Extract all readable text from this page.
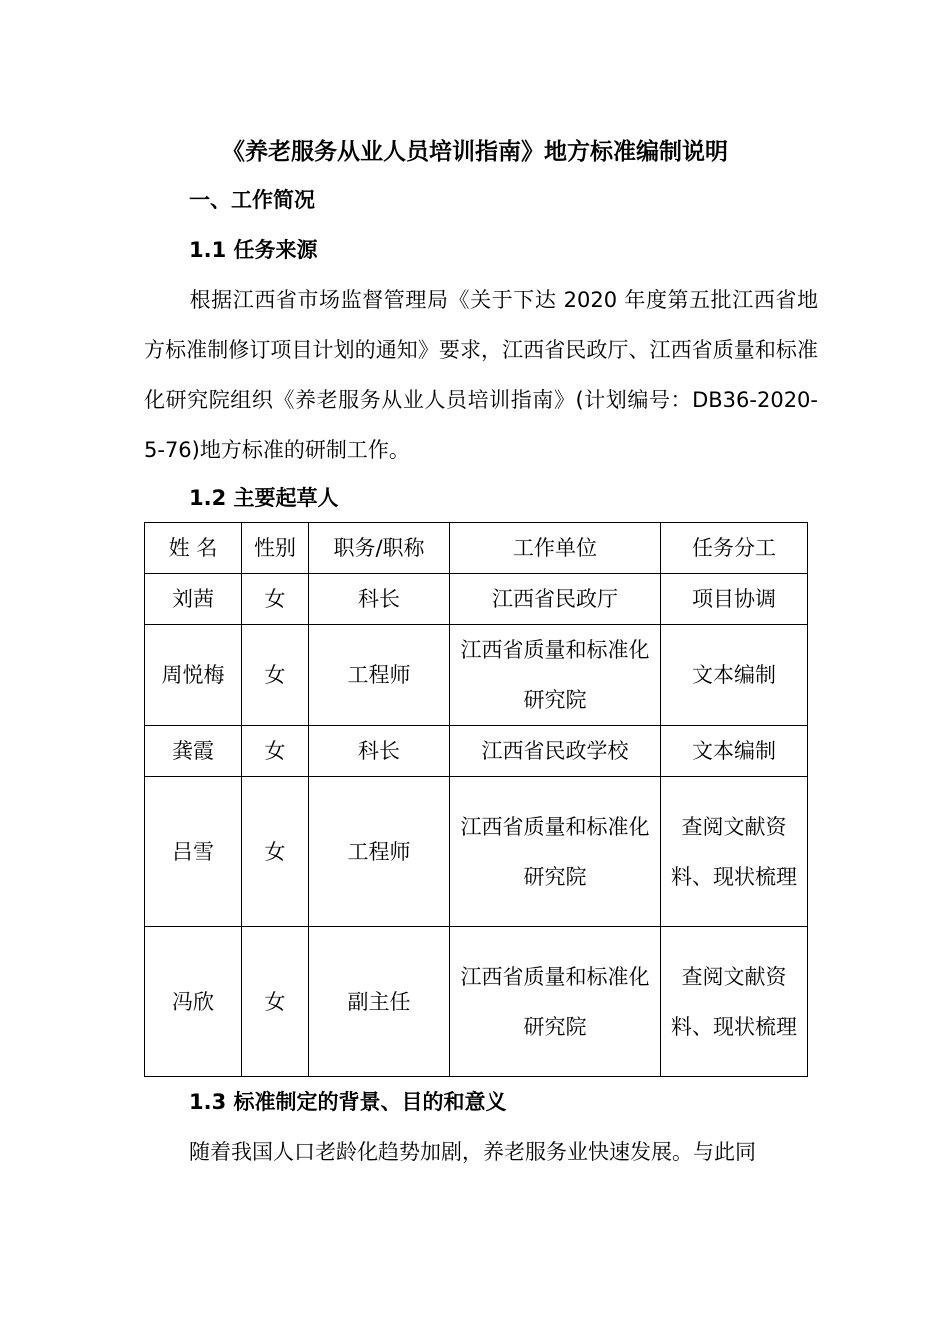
《养老服务从业人员培训指南》地方标准编制说明
一、工作简况
1.1 任务来源
根据江西省市场监督管理局《关于下达 2020 年度第五批江西省地方标准制修订项目计划的通知》要求，江西省民政厅、江西省质量和标准化研究院组织《养老服务从业人员培训指南》(计划编号：DB36-2020-5-76)地方标准的研制工作。
1.2 主要起草人
姓 名	性别	职务/职称	工作单位	任务分工
刘茜	女	科长	江西省民政厅	项目协调
周悦梅	女	工程师	江西省质量和标准化研究院	文本编制
龚霞	女	科长	江西省民政学校	文本编制
吕雪	女	工程师	江西省质量和标准化研究院	查阅文献资料、现状梳理

冯欣	女	副主任	江西省质量和标准化研究院	查阅文献资料、现状梳理
1.3 标准制定的背景、目的和意义
随着我国人口老龄化趋势加剧，养老服务业快速发展。与此同
